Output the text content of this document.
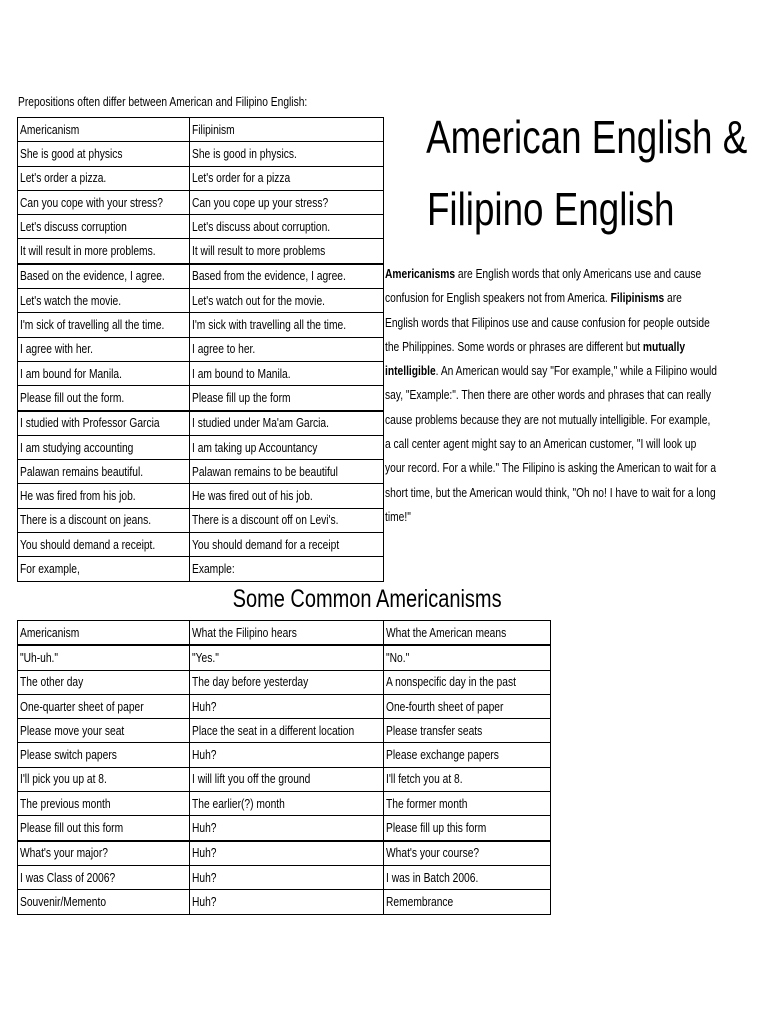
Prepositions often differ between American and Filipino English:
Americanism	Filipinism
She is good at physics	She is good in physics.
Let's order a pizza.	Let's order for a pizza
Can you cope with your stress?	Can you cope up your stress?
Let's discuss corruption	Let's discuss about corruption.
It will result in more problems.	It will result to more problems
Based on the evidence, I agree.	Based from the evidence, I agree.
Let's watch the movie.	Let's watch out for the movie.
I'm sick of travelling all the time.	I'm sick with travelling all the time.
I agree with her.	I agree to her.
I am bound for Manila.	I am bound to Manila.
Please fill out the form.	Please fill up the form
I studied with Professor Garcia	I studied under Ma'am Garcia.
I am studying accounting	I am taking up Accountancy
Palawan remains beautiful.	Palawan remains to be beautiful
He was fired from his job.	He was fired out of his job.
There is a discount on jeans.	There is a discount off on Levi's.
You should demand a receipt.	You should demand for a receipt
For example,	Example:
American English &
Filipino English
Americanisms are English words that only Americans use and cause confusion for English speakers not from America. Filipinisms are English words that Filipinos use and cause confusion for people outside the Philippines. Some words or phrases are different but mutually intelligible. An American would say "For example," while a Filipino would say, "Example:". Then there are other words and phrases that can really cause problems because they are not mutually intelligible. For example, a call center agent might say to an American customer, "I will look up your record. For a while." The Filipino is asking the American to wait for a short time, but the American would think, "Oh no! I have to wait for a long time!"
Some Common Americanisms
Americanism	What the Filipino hears	What the American means
"Uh-uh."	"Yes."	"No."
The other day	The day before yesterday	A nonspecific day in the past
One-quarter sheet of paper	Huh?	One-fourth sheet of paper
Please move your seat	Place the seat in a different location	Please transfer seats
Please switch papers	Huh?	Please exchange papers
I'll pick you up at 8.	I will lift you off the ground	I'll fetch you at 8.
The previous month	The earlier(?) month	The former month
Please fill out this form	Huh?	Please fill up this form
What's your major?	Huh?	What's your course?
I was Class of 2006?	Huh?	I was in Batch 2006.
Souvenir/Memento	Huh?	Remembrance
